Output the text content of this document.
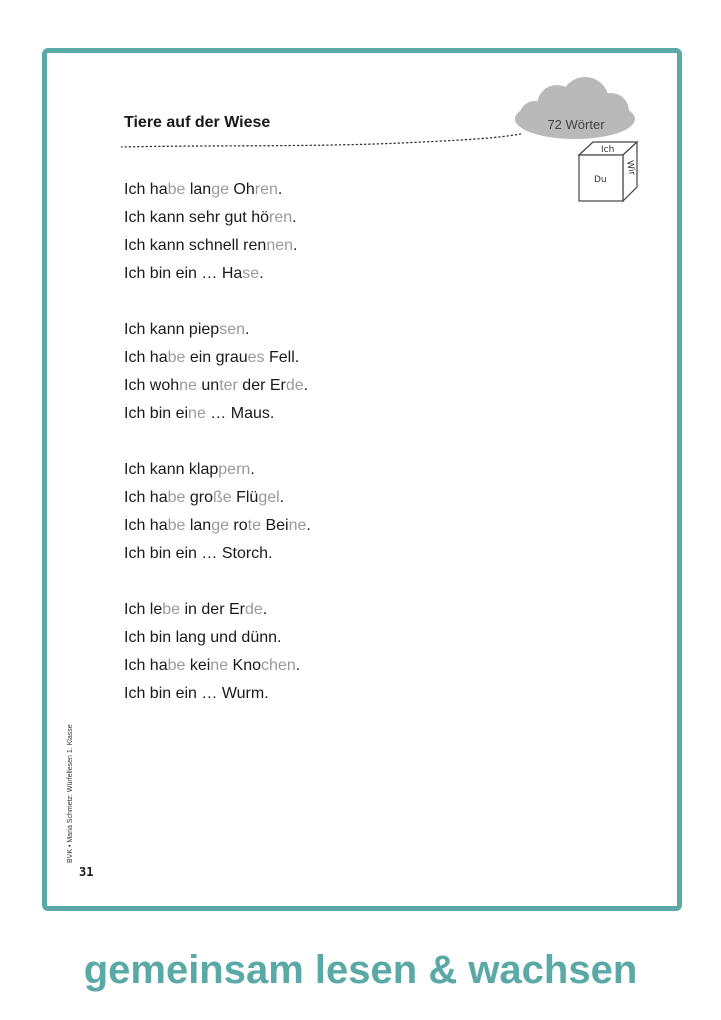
Tiere auf der Wiese	72 Wörter
Ich
Du
Wir
Ich habe lange Ohren.
Ich kann sehr gut hören.
Ich kann schnell rennen.
Ich bin ein … Hase.
Ich kann piepsen.
Ich habe ein graues Fell.
Ich wohne unter der Erde.
Ich bin eine … Maus.
Ich kann klappern.
Ich habe große Flügel.
Ich habe lange rote Beine.
Ich bin ein … Storch.
Ich lebe in der Erde.
Ich bin lang und dünn.
Ich habe keine Knochen.
Ich bin ein … Wurm.
BVK • Maria Schmetz: Würfellesen 1. Klasse
31
gemeinsam lesen & wachsen
